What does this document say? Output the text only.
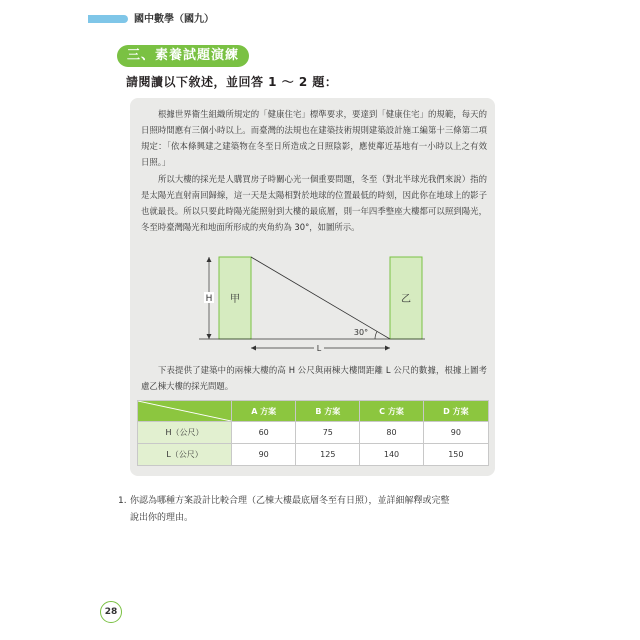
國中數學（國九）
三、素養試題演練
請閱讀以下敘述，並回答 1 ～ 2 題：

根據世界衛生組織所規定的「健康住宅」標準要求，要達到「健康住宅」的規範，每天的日照時間應有三個小時以上。而臺灣的法規也在建築技術規則建築設計施工編第十三條第二項規定：「依本條興建之建築物在冬至日所造成之日照陰影，應使鄰近基地有一小時以上之有效日照。」

所以大樓的採光是人購買房子時關心光一個重要問題，冬至（對北半球光我們來說）指的是太陽光直射南回歸線，這一天是太陽相對於地球的位置最低的時刻，因此你在地球上的影子也就最長。所以只要此時陽光能照射到大樓的最底層，則一年四季整座大樓都可以照到陽光，冬至時臺灣陽光和地面所形成的夾角約為 30°，如圖所示。

H
L
甲	乙
30°

下表提供了建築中的兩棟大樓的高 H 公尺與兩棟大樓間距離 L 公尺的數據，根據上圖考慮乙棟大樓的採光問題。

	A 方案	B 方案	C 方案	D 方案
H（公尺）	60	75	80	90
L（公尺）	90	125	140	150
1. 你認為哪種方案設計比較合理（乙棟大樓最底層冬至有日照），並詳細解釋或完整
說出你的理由。
28
